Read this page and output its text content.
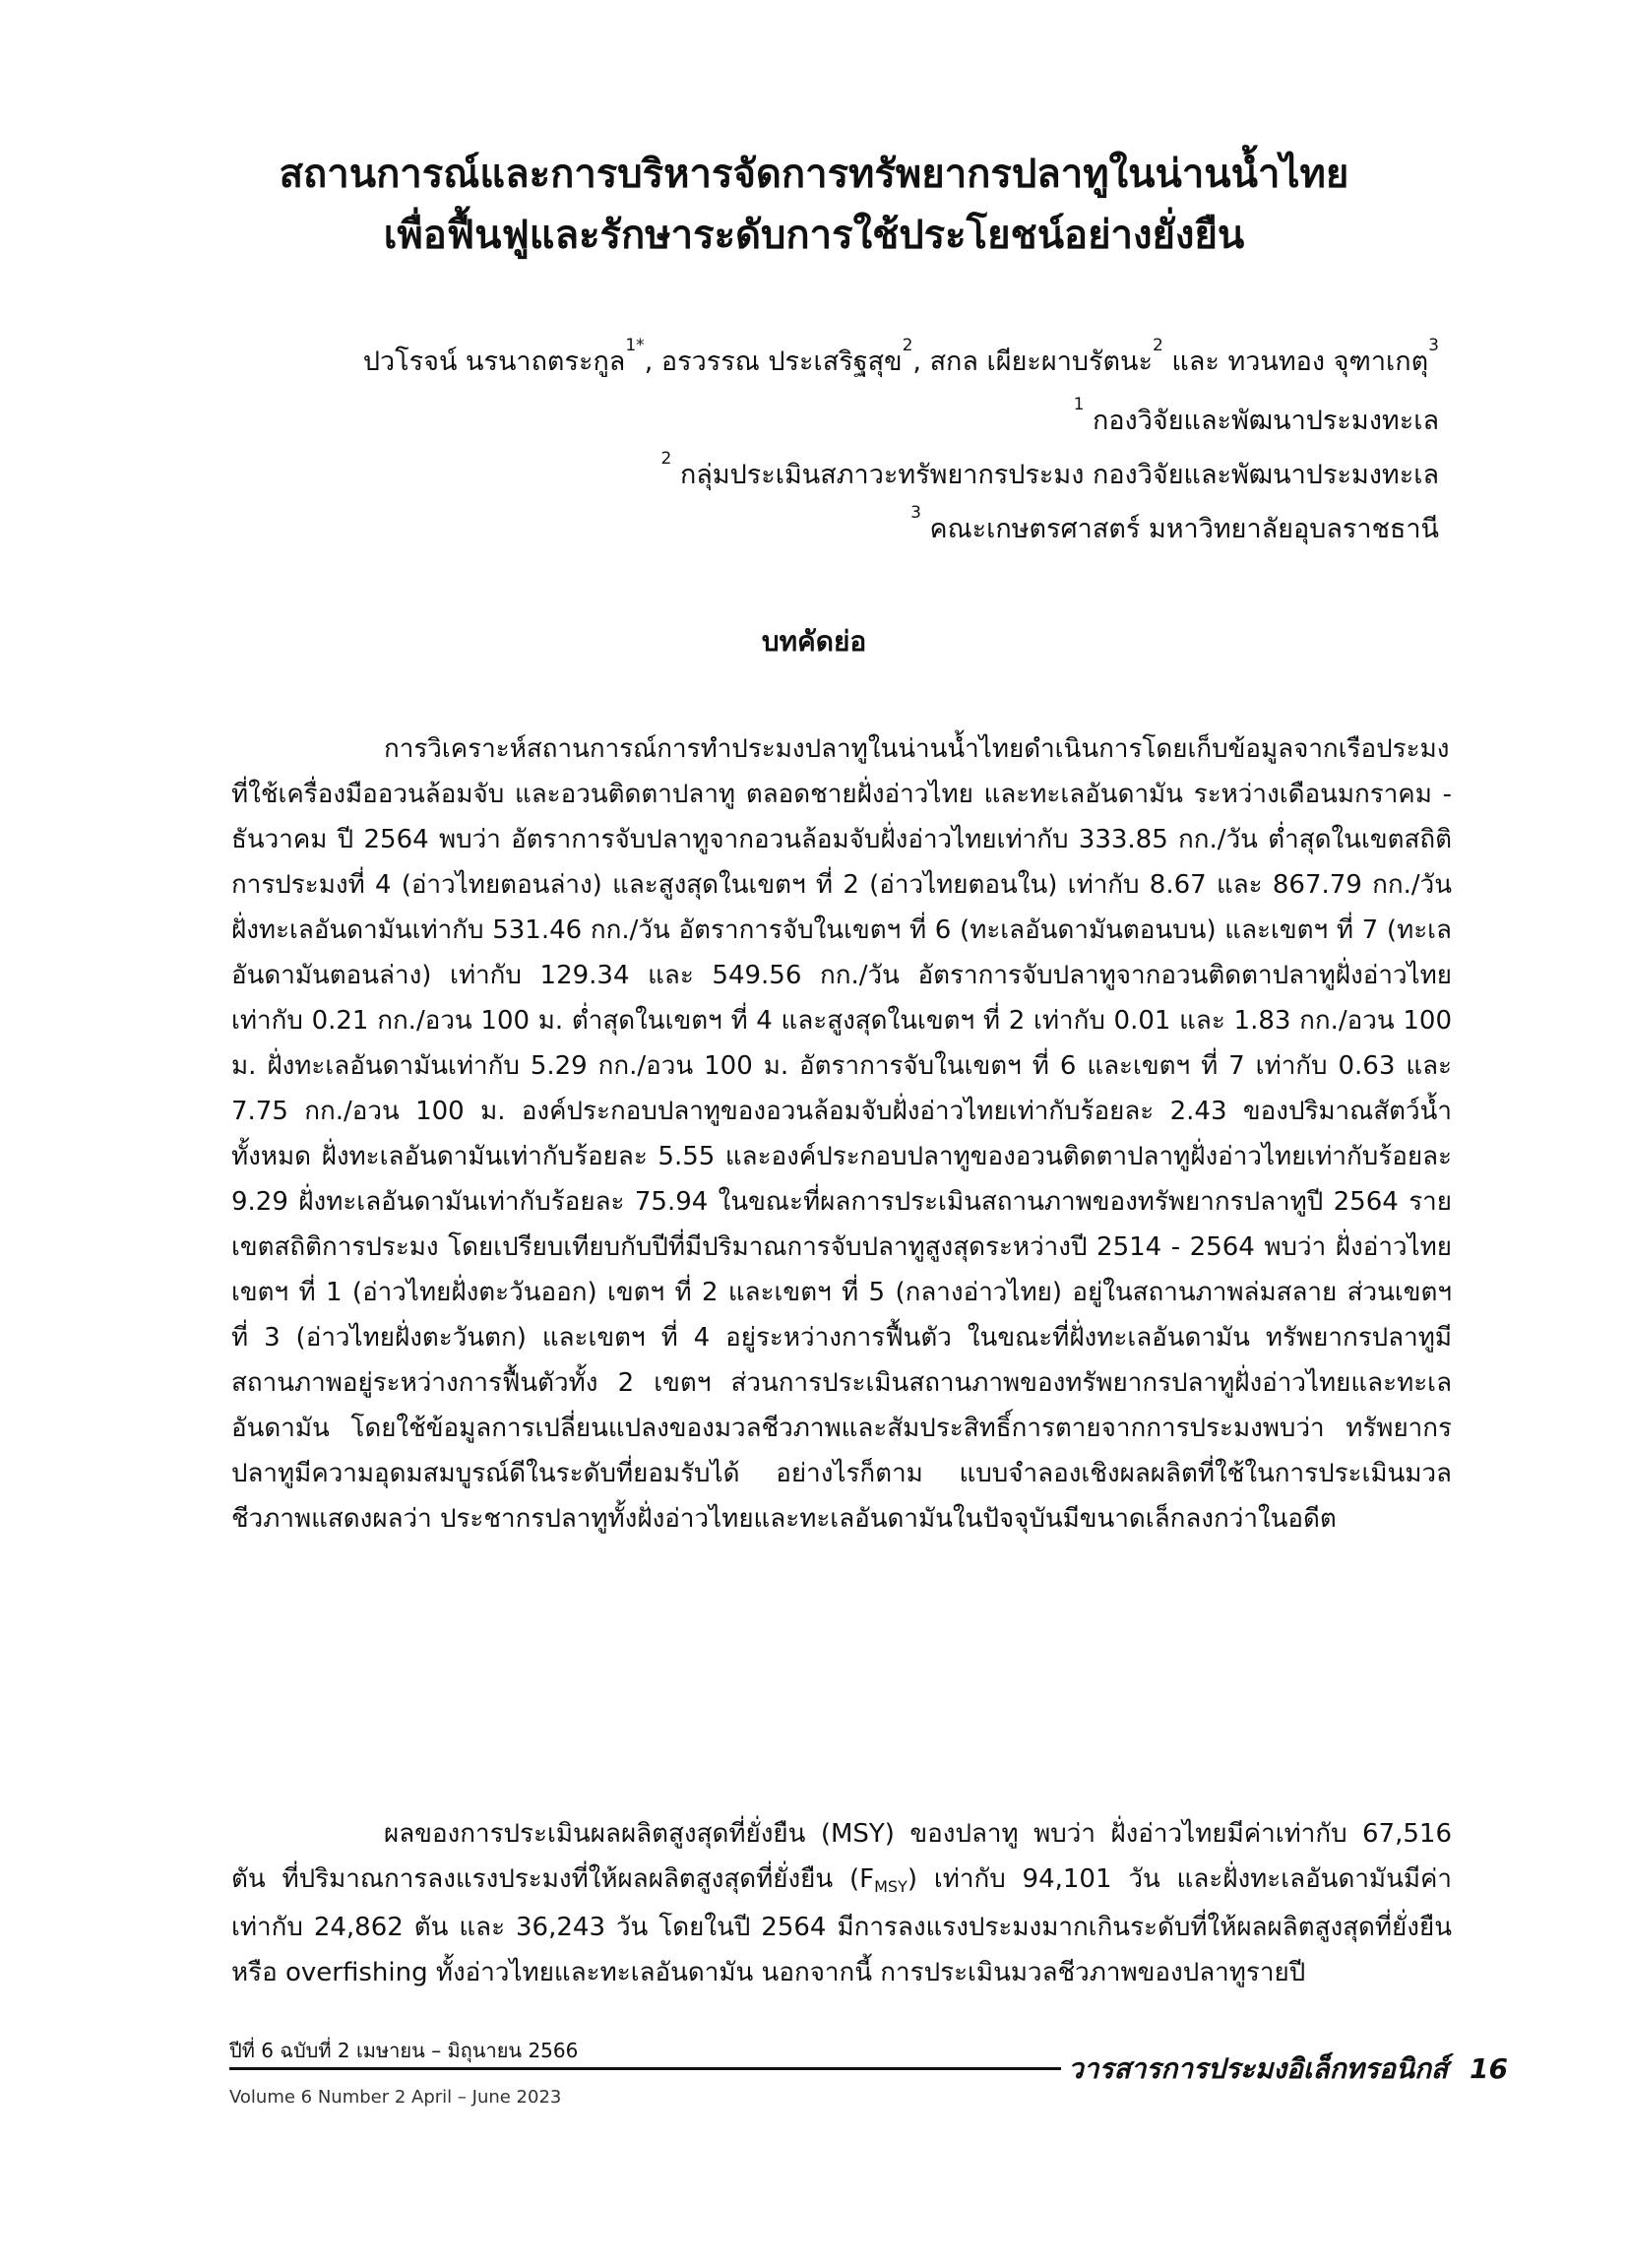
สถานการณ์และการบริหารจัดการทรัพยากรปลาทูในน่านน้ำไทย
เพื่อฟื้นฟูและรักษาระดับการใช้ประโยชน์อย่างยั่งยืน
ปวโรจน์ นรนาถตระกูล$^{1*}$, อรวรรณ ประเสริฐสุข$^2$, สกล เผียะผาบรัตนะ$^2$ และ ทวนทอง จุฑาเกตุ$^3$
$^1$ กองวิจัยและพัฒนาประมงทะเล
$^2$ กลุ่มประเมินสภาวะทรัพยากรประมง กองวิจัยและพัฒนาประมงทะเล
$^3$ คณะเกษตรศาสตร์ มหาวิทยาลัยอุบลราชธานี
บทคัดย่อ

การวิเคราะห์สถานการณ์การทำประมงปลาทูในน่านน้ำไทยดำเนินการโดยเก็บข้อมูลจากเรือประมงที่ใช้เครื่องมืออวนล้อมจับ และอวนติดตาปลาทู ตลอดชายฝั่งอ่าวไทย และทะเลอันดามัน ระหว่างเดือนมกราคม - ธันวาคม ปี 2564 พบว่า อัตราการจับปลาทูจากอวนล้อมจับฝั่งอ่าวไทยเท่ากับ 333.85 กก./วัน ต่ำสุดในเขตสถิติการประมงที่ 4 (อ่าวไทยตอนล่าง) และสูงสุดในเขตฯ ที่ 2 (อ่าวไทยตอนใน) เท่ากับ 8.67 และ 867.79 กก./วัน ฝั่งทะเลอันดามันเท่ากับ 531.46 กก./วัน อัตราการจับในเขตฯ ที่ 6 (ทะเลอันดามันตอนบน) และเขตฯ ที่ 7 (ทะเลอันดามันตอนล่าง) เท่ากับ 129.34 และ 549.56 กก./วัน อัตราการจับปลาทูจากอวนติดตาปลาทูฝั่งอ่าวไทยเท่ากับ 0.21 กก./อวน 100 ม. ต่ำสุดในเขตฯ ที่ 4 และสูงสุดในเขตฯ ที่ 2 เท่ากับ 0.01 และ 1.83 กก./อวน 100 ม. ฝั่งทะเลอันดามันเท่ากับ 5.29 กก./อวน 100 ม. อัตราการจับในเขตฯ ที่ 6 และเขตฯ ที่ 7 เท่ากับ 0.63 และ 7.75 กก./อวน 100 ม. องค์ประกอบปลาทูของอวนล้อมจับฝั่งอ่าวไทยเท่ากับร้อยละ 2.43 ของปริมาณสัตว์น้ำทั้งหมด ฝั่งทะเลอันดามันเท่ากับร้อยละ 5.55 และองค์ประกอบปลาทูของอวนติดตาปลาทูฝั่งอ่าวไทยเท่ากับร้อยละ 9.29 ฝั่งทะเลอันดามันเท่ากับร้อยละ 75.94 ในขณะที่ผลการประเมินสถานภาพของทรัพยากรปลาทูปี 2564 รายเขตสถิติการประมง โดยเปรียบเทียบกับปีที่มีปริมาณการจับปลาทูสูงสุดระหว่างปี 2514 - 2564 พบว่า ฝั่งอ่าวไทย เขตฯ ที่ 1 (อ่าวไทยฝั่งตะวันออก) เขตฯ ที่ 2 และเขตฯ ที่ 5 (กลางอ่าวไทย) อยู่ในสถานภาพล่มสลาย ส่วนเขตฯ ที่ 3 (อ่าวไทยฝั่งตะวันตก) และเขตฯ ที่ 4 อยู่ระหว่างการฟื้นตัว ในขณะที่ฝั่งทะเลอันดามัน ทรัพยากรปลาทูมีสถานภาพอยู่ระหว่างการฟื้นตัวทั้ง 2 เขตฯ ส่วนการประเมินสถานภาพของทรัพยากรปลาทูฝั่งอ่าวไทยและทะเลอันดามัน โดยใช้ข้อมูลการเปลี่ยนแปลงของมวลชีวภาพและสัมประสิทธิ์การตายจากการประมงพบว่า ทรัพยากรปลาทูมีความอุดมสมบูรณ์ดีในระดับที่ยอมรับได้ อย่างไรก็ตาม แบบจำลองเชิงผลผลิตที่ใช้ในการประเมินมวลชีวภาพแสดงผลว่า ประชากรปลาทูทั้งฝั่งอ่าวไทยและทะเลอันดามันในปัจจุบันมีขนาดเล็กลงกว่าในอดีต

ผลของการประเมินผลผลิตสูงสุดที่ยั่งยืน (MSY) ของปลาทู พบว่า ฝั่งอ่าวไทยมีค่าเท่ากับ 67,516 ตัน ที่ปริมาณการลงแรงประมงที่ให้ผลผลิตสูงสุดที่ยั่งยืน $(F_{MSY})$ เท่ากับ 94,101 วัน และฝั่งทะเลอันดามันมีค่าเท่ากับ 24,862 ตัน และ 36,243 วัน โดยในปี 2564 มีการลงแรงประมงมากเกินระดับที่ให้ผลผลิตสูงสุดที่ยั่งยืน หรือ overfishing ทั้งอ่าวไทยและทะเลอันดามัน นอกจากนี้ การประเมินมวลชีวภาพของปลาทูรายปี

ปีที่ 6 ฉบับที่ 2 เมษายน – มิถุนายน 2566
Volume 6 Number 2 April – June 2023
วารสารการประมงอิเล็กทรอนิกส์ 16
